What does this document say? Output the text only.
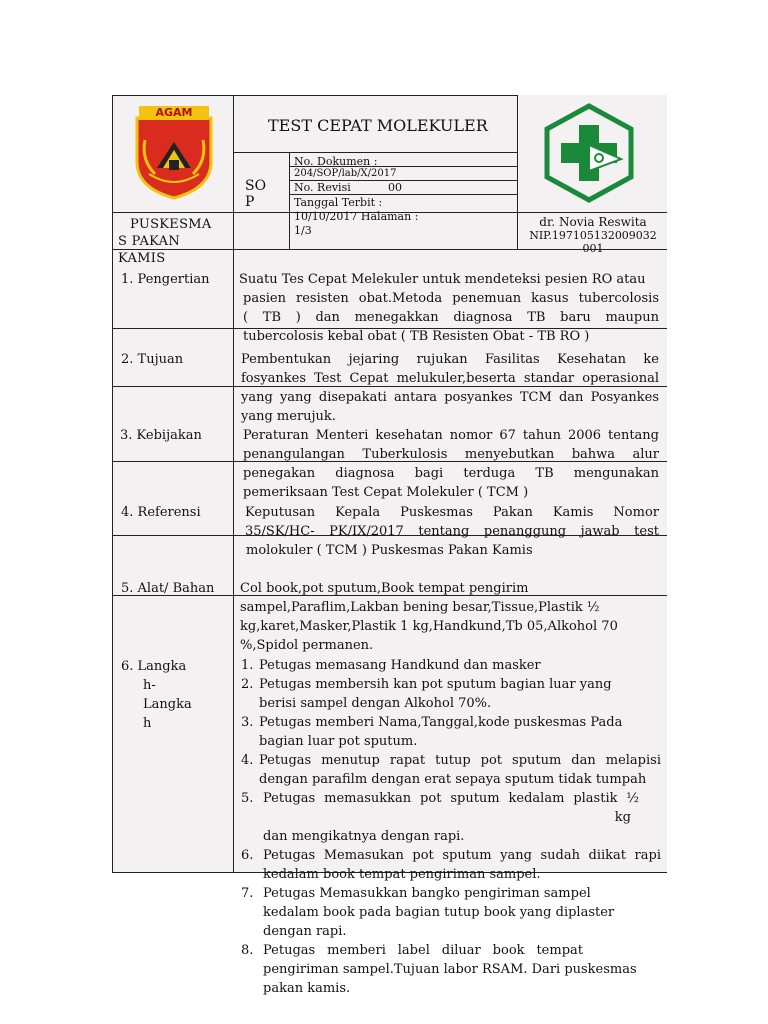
AGAM
TEST CEPAT MOLEKULER
SO
P
No. Dokumen :
204/SOP/lab/X/2017
No. Revisi	00
Tanggal Terbit :
10/10/2017 Halaman :
1/3
PUSKESMA
S PAKAN
KAMIS
dr. Novia Reswita
NIP.197105132009032
001
1. Pengertian
2. Tujuan
3. Kebijakan
4. Referensi
5. Alat/ Bahan
6. Langka
h-
Langka
h
Suatu Tes Cepat Melekuler untuk mendeteksi pesien RO atau
pasien resisten obat.Metoda penemuan kasus tubercolosis
( TB ) dan menegakkan diagnosa TB baru maupun
tubercolosis kebal obat ( TB Resisten Obat - TB RO )
Pembentukan jejaring rujukan Fasilitas Kesehatan ke
fosyankes Test Cepat melukuler,beserta standar operasional
yang yang disepakati antara posyankes TCM dan Posyankes
yang merujuk.
Peraturan Menteri kesehatan nomor 67 tahun 2006 tentang
penangulangan Tuberkulosis menyebutkan bahwa alur
penegakan diagnosa bagi terduga TB mengunakan
pemeriksaan Test Cepat Molekuler ( TCM )
Keputusan Kepala Puskesmas Pakan Kamis Nomor
35/SK/HC- PK/IX/2017 tentang penanggung jawab test
molokuler ( TCM ) Puskesmas Pakan Kamis
Col book,pot sputum,Book tempat pengirim
sampel,Paraflim,Lakban bening besar,Tissue,Plastik ½
kg,karet,Masker,Plastik 1 kg,Handkund,Tb 05,Alkohol 70
%,Spidol permanen.
1. Petugas memasang Handkund dan masker
2. Petugas membersih kan pot sputum bagian luar yang
berisi sampel dengan Alkohol 70%.
3. Petugas memberi Nama,Tanggal,kode puskesmas Pada
bagian luar pot sputum.
4. Petugas menutup rapat tutup pot sputum dan melapisi
dengan parafilm dengan erat sepaya sputum tidak tumpah
5. Petugas memasukkan pot sputum kedalam plastik ½
kg
dan mengikatnya dengan rapi.
6. Petugas Memasukan pot sputum yang sudah diikat rapi
kedalam book tempat pengiriman sampel.
7. Petugas Memasukkan bangko pengiriman sampel
kedalam book pada bagian tutup book yang diplaster
dengan rapi.
8. Petugas memberi label diluar book tempat
pengiriman sampel.Tujuan labor RSAM. Dari puskesmas
pakan kamis.
